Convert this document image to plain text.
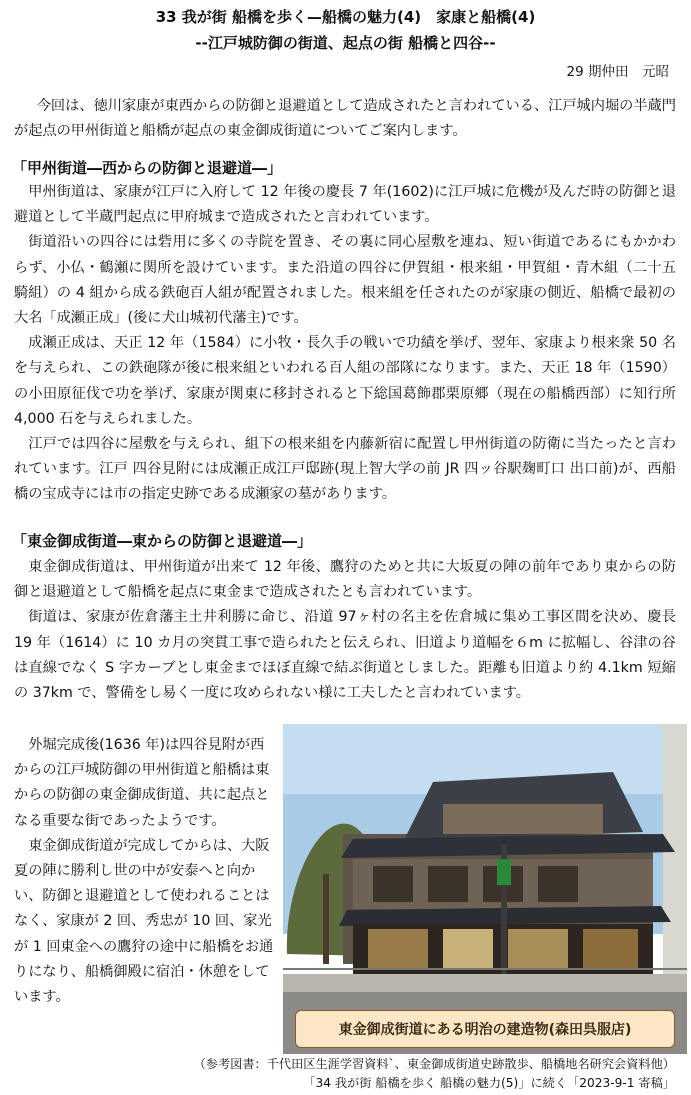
33 我が街 船橋を歩く—船橋の魅力(4)　家康と船橋(4)
--江戸城防御の街道、起点の街 船橋と四谷--
29 期仲田　元昭

今回は、徳川家康が東西からの防御と退避道として造成されたと言われている、江戸城内堀の半蔵門が起点の甲州街道と船橋が起点の東金御成街道についてご案内します。

「甲州街道―西からの防御と退避道―」

甲州街道は、家康が江戸に入府して 12 年後の慶長 7 年(1602)に江戸城に危機が及んだ時の防御と退避道として半蔵門起点に甲府城まで造成されたと言われています。

街道沿いの四谷には砦用に多くの寺院を置き、その裏に同心屋敷を連ね、短い街道であるにもかかわらず、小仏・鶴瀬に関所を設けています。また沿道の四谷に伊賀組・根来組・甲賀組・青木組（二十五騎組）の 4 組から成る鉄砲百人組が配置されました。根来組を任されたのが家康の側近、船橋で最初の大名「成瀬正成」(後に犬山城初代藩主)です。

成瀬正成は、天正 12 年（1584）に小牧・長久手の戦いで功績を挙げ、翌年、家康より根来衆 50 名を与えられ、この鉄砲隊が後に根来組といわれる百人組の部隊になります。また、天正 18 年（1590）の小田原征伐で功を挙げ、家康が関東に移封されると下総国葛飾郡栗原郷（現在の船橋西部）に知行所 4,000 石を与えられました。

江戸では四谷に屋敷を与えられ、組下の根来組を内藤新宿に配置し甲州街道の防衛に当たったと言われています。江戸 四谷見附には成瀬正成江戸邸跡(現上智大学の前 JR 四ッ谷駅麹町口 出口前)が、西船橋の宝成寺には市の指定史跡である成瀬家の墓があります。

「東金御成街道―東からの防御と退避道―」

東金御成街道は、甲州街道が出来て 12 年後、鷹狩のためと共に大坂夏の陣の前年であり東からの防御と退避道として船橋を起点に東金まで造成されたとも言われています。

街道は、家康が佐倉藩主土井利勝に命じ、沿道 97ヶ村の名主を佐倉城に集め工事区間を決め、慶長 19 年（1614）に 10 カ月の突貫工事で造られたと伝えられ、旧道より道幅を６m に拡幅し、谷津の谷は直線でなく S 字カーブとし東金までほぼ直線で結ぶ街道としました。距離も旧道より約 4.1km 短縮の 37km で、警備をし易く一度に攻められない様に工夫したと言われています。

外堀完成後(1636 年)は四谷見附が西からの江戸城防御の甲州街道と船橋は東からの防御の東金御成街道、共に起点となる重要な街であったようです。

東金御成街道が完成してからは、大阪夏の陣に勝利し世の中が安泰へと向かい、防御と退避道として使われることはなく、家康が 2 回、秀忠が 10 回、家光が 1 回東金への鷹狩の途中に船橋をお通りになり、船橋御殿に宿泊・休憩をしています。

東金御成街道にある明治の建造物(森田呉服店)
（参考図書：千代田区生涯学習資料`、東金御成街道史跡散歩、船橋地名研究会資料他）
「34 我が街 船橋を歩く 船橋の魅力(5)」に続く「2023-9-1 寄稿」
